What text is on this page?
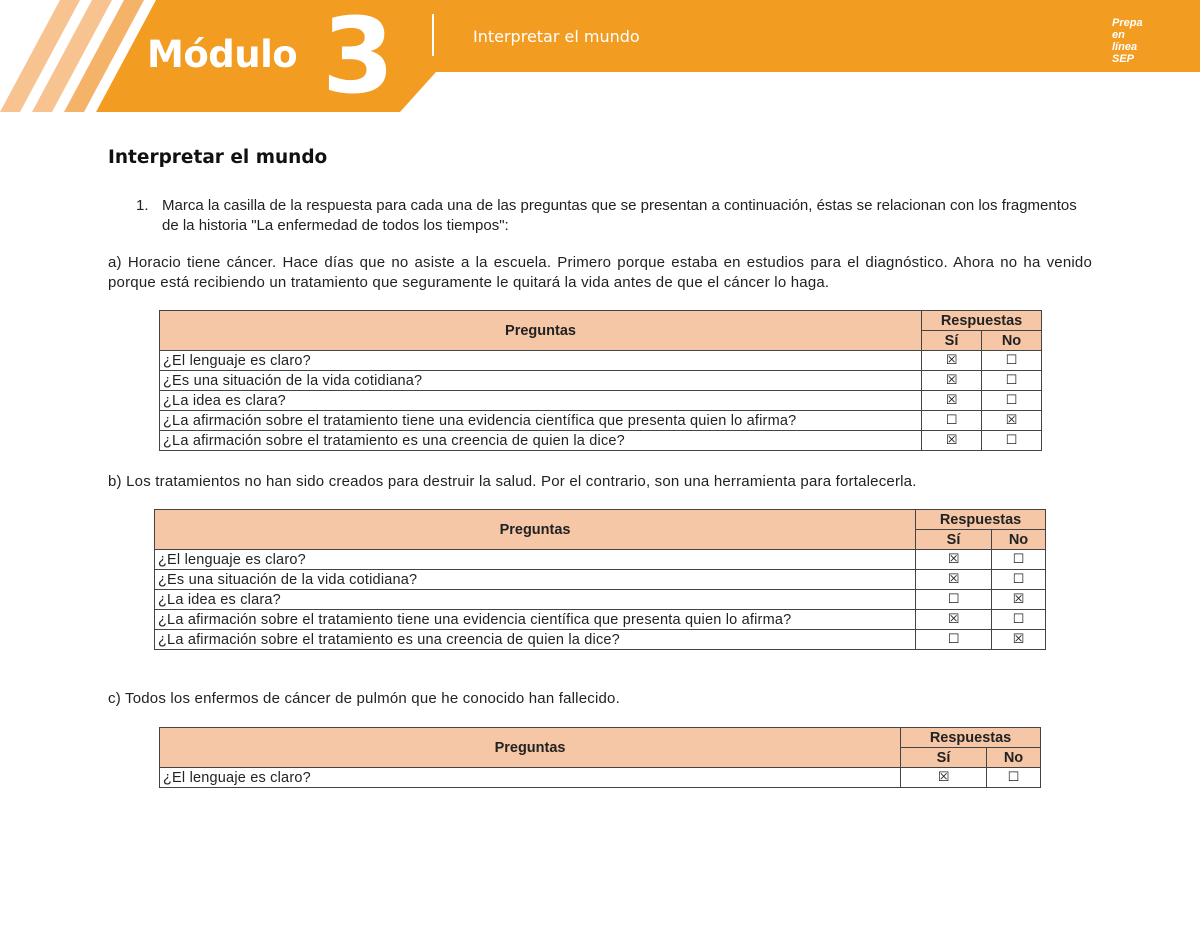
Módulo 3	Interpretar el mundo
Prepa en línea SEP
Interpretar el mundo
1. Marca la casilla de la respuesta para cada una de las preguntas que se presentan a continuación, éstas se relacionan con los fragmentos de la historia "La enfermedad de todos los tiempos":
a) Horacio tiene cáncer. Hace días que no asiste a la escuela. Primero porque estaba en estudios para el diagnóstico. Ahora no ha venido porque está recibiendo un tratamiento que seguramente le quitará la vida antes de que el cáncer lo haga.
Preguntas	Respuestas	
	Sí	No
¿El lenguaje es claro?	☒	☐
¿Es una situación de la vida cotidiana?	☒	☐
¿La idea es clara?	☒	☐
¿La afirmación sobre el tratamiento tiene una evidencia científica que presenta quien lo afirma?	☐	☒
¿La afirmación sobre el tratamiento es una creencia de quien la dice?	☒	☐
b) Los tratamientos no han sido creados para destruir la salud. Por el contrario, son una herramienta para fortalecerla.
Preguntas	Respuestas	
	Sí	No
¿El lenguaje es claro?	☒	☐
¿Es una situación de la vida cotidiana?	☒	☐
¿La idea es clara?	☐	☒
¿La afirmación sobre el tratamiento tiene una evidencia científica que presenta quien lo afirma?	☒	☐
¿La afirmación sobre el tratamiento es una creencia de quien la dice?	☐	☒
c) Todos los enfermos de cáncer de pulmón que he conocido han fallecido.
Preguntas	Respuestas	
	Sí	No
¿El lenguaje es claro?	☒	☐
